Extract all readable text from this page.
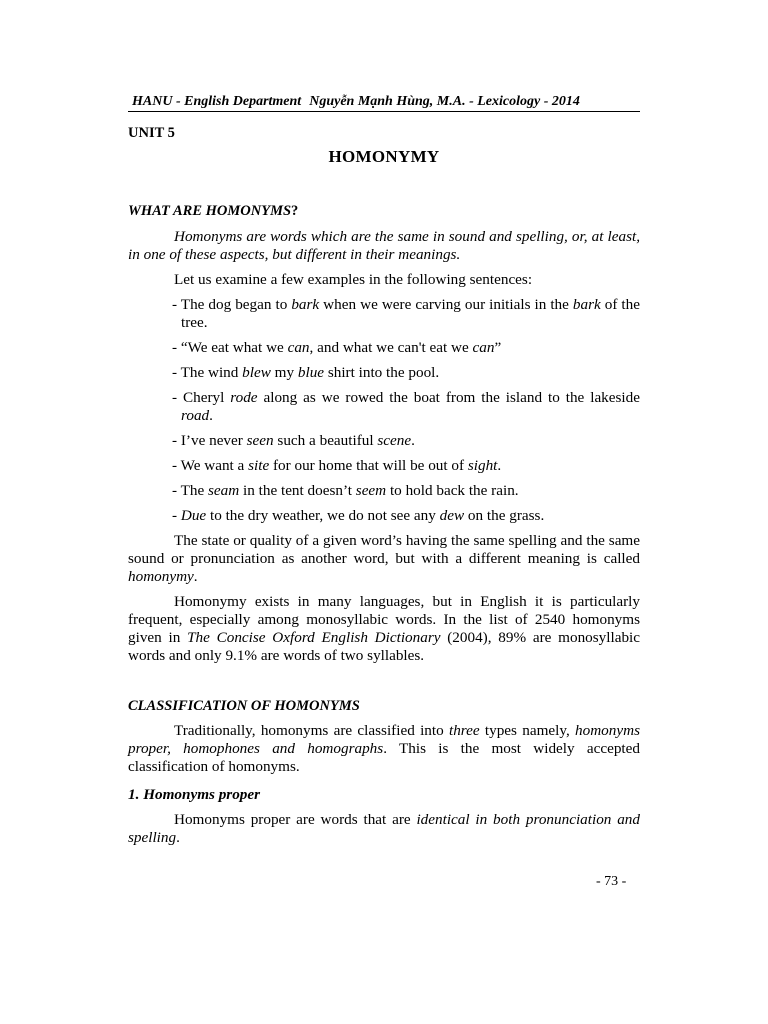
HANU - English Department Nguyễn Mạnh Hùng, M.A. - Lexicology - 2014
UNIT 5
HOMONYMY
WHAT ARE HOMONYMS?

Homonyms are words which are the same in sound and spelling, or, at least, in one of these aspects, but different in their meanings.

Let us examine a few examples in the following sentences:

- The dog began to bark when we were carving our initials in the bark of the tree.

- “We eat what we can, and what we can't eat we can”

- The wind blew my blue shirt into the pool.

- Cheryl rode along as we rowed the boat from the island to the lakeside road.

- I’ve never seen such a beautiful scene.

- We want a site for our home that will be out of sight.

- The seam in the tent doesn’t seem to hold back the rain.

- Due to the dry weather, we do not see any dew on the grass.

The state or quality of a given word’s having the same spelling and the same sound or pronunciation as another word, but with a different meaning is called homonymy.

Homonymy exists in many languages, but in English it is particularly frequent, especially among monosyllabic words. In the list of 2540 homonyms given in The Concise Oxford English Dictionary (2004), 89% are monosyllabic words and only 9.1% are words of two syllables.

CLASSIFICATION OF HOMONYMS

Traditionally, homonyms are classified into three types namely, homonyms proper, homophones and homographs. This is the most widely accepted classification of homonyms.

1. Homonyms proper

Homonyms proper are words that are identical in both pronunciation and spelling.

- 73 -
